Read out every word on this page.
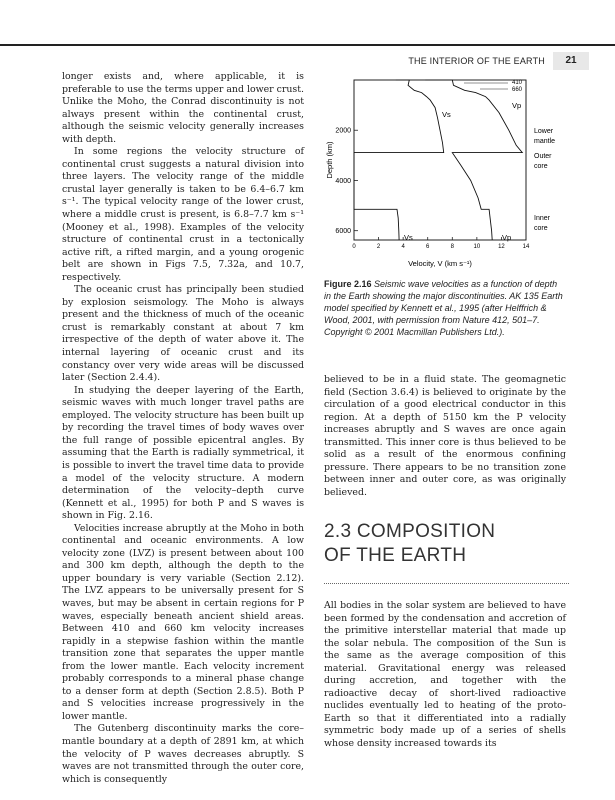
THE INTERIOR OF THE EARTH	21

longer exists and, where applicable, it is preferable to use the terms upper and lower crust. Unlike the Moho, the Conrad discontinuity is not always present within the continental crust, although the seismic velocity generally increases with depth.

In some regions the velocity structure of continental crust suggests a natural division into three layers. The velocity range of the middle crustal layer generally is taken to be 6.4–6.7 km s⁻¹. The typical velocity range of the lower crust, where a middle crust is present, is 6.8–7.7 km s⁻¹ (Mooney et al., 1998). Examples of the velocity structure of continental crust in a tectonically active rift, a rifted margin, and a young orogenic belt are shown in Figs 7.5, 7.32a, and 10.7, respectively.

The oceanic crust has principally been studied by explosion seismology. The Moho is always present and the thickness of much of the oceanic crust is remarkably constant at about 7 km irrespective of the depth of water above it. The internal layering of oceanic crust and its constancy over very wide areas will be discussed later (Section 2.4.4).

In studying the deeper layering of the Earth, seismic waves with much longer travel paths are employed. The velocity structure has been built up by recording the travel times of body waves over the full range of possible epicentral angles. By assuming that the Earth is radially symmetrical, it is possible to invert the travel time data to provide a model of the velocity structure. A modern determination of the velocity–depth curve (Kennett et al., 1995) for both P and S waves is shown in Fig. 2.16.

Velocities increase abruptly at the Moho in both continental and oceanic environments. A low velocity zone (LVZ) is present between about 100 and 300 km depth, although the depth to the upper boundary is very variable (Section 2.12). The LVZ appears to be universally present for S waves, but may be absent in certain regions for P waves, especially beneath ancient shield areas. Between 410 and 660 km velocity increases rapidly in a stepwise fashion within the mantle transition zone that separates the upper mantle from the lower mantle. Each velocity increment probably corresponds to a mineral phase change to a denser form at depth (Section 2.8.5). Both P and S velocities increase progressively in the lower mantle.

The Gutenberg discontinuity marks the core–mantle boundary at a depth of 2891 km, at which the velocity of P waves decreases abruptly. S waves are not transmitted through the outer core, which is consequently

0	2	4	6	8	10	12	14
2000
4000
6000
410
660
Vp
Vs
Vs	Vp
Lower
mantle
Outer
core
Inner
core
Velocity, V (km s⁻¹)
Depth (km)
Figure 2.16 Seismic wave velocities as a function of depth in the Earth showing the major discontinuities. AK 135 Earth model specified by Kennett et al., 1995 (after Helffrich & Wood, 2001, with permission from Nature 412, 501–7. Copyright © 2001 Macmillan Publishers Ltd.).

believed to be in a fluid state. The geomagnetic field (Section 3.6.4) is believed to originate by the circulation of a good electrical conductor in this region. At a depth of 5150 km the P velocity increases abruptly and S waves are once again transmitted. This inner core is thus believed to be solid as a result of the enormous confining pressure. There appears to be no transition zone between inner and outer core, as was originally believed.

2.3 COMPOSITION
OF THE EARTH

All bodies in the solar system are believed to have been formed by the condensation and accretion of the primitive interstellar material that made up the solar nebula. The composition of the Sun is the same as the average composition of this material. Gravitational energy was released during accretion, and together with the radioactive decay of short-lived radioactive nuclides eventually led to heating of the proto-Earth so that it differentiated into a radially symmetric body made up of a series of shells whose density increased towards its
